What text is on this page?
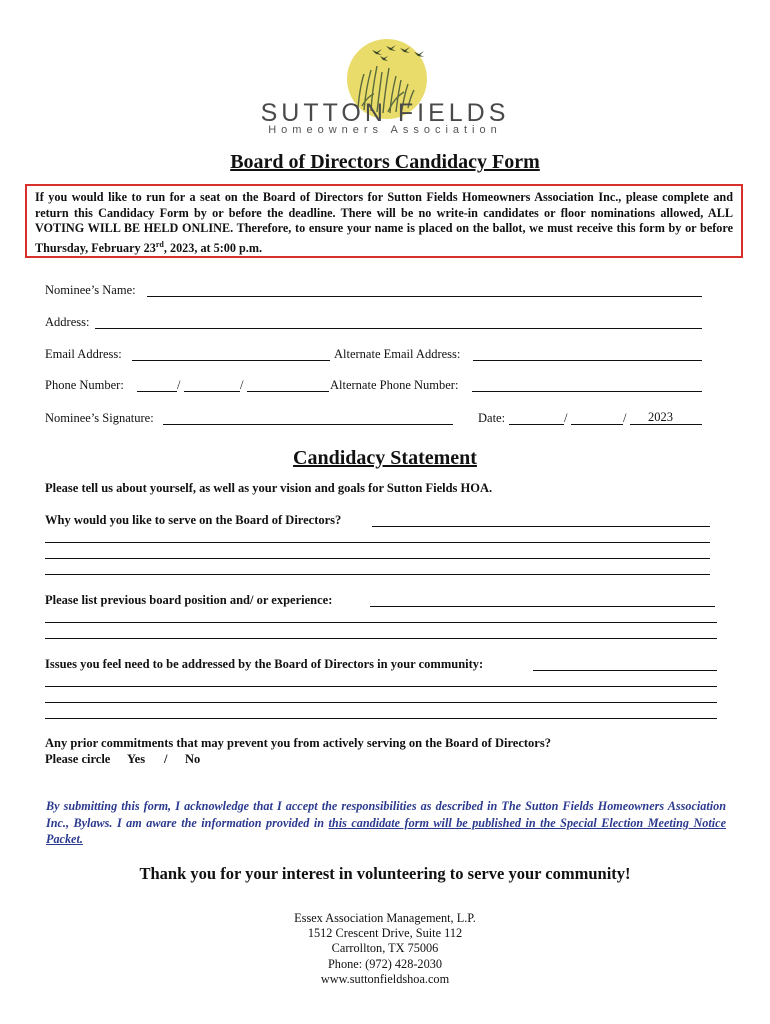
SUTTON FIELDS
Homeowners Association
Board of Directors Candidacy Form
If you would like to run for a seat on the Board of Directors for Sutton Fields Homeowners Association Inc., please complete and return this Candidacy Form by or before the deadline. There will be no write-in candidates or floor nominations allowed, ALL VOTING WILL BE HELD ONLINE. Therefore, to ensure your name is placed on the ballot, we must receive this form by or before Thursday, February 23rd, 2023, at 5:00 p.m.
Nominee’s Name:
Address:
Email Address:	Alternate Email Address:
Phone Number:	/	/	Alternate Phone Number:
Nominee’s Signature:	Date:	/	/ 2023
Candidacy Statement
Please tell us about yourself, as well as your vision and goals for Sutton Fields HOA.
Why would you like to serve on the Board of Directors?
Please list previous board position and/ or experience:
Issues you feel need to be addressed by the Board of Directors in your community:
Any prior commitments that may prevent you from actively serving on the Board of Directors?
Please circle Yes / No
By submitting this form, I acknowledge that I accept the responsibilities as described in The Sutton Fields Homeowners Association Inc., Bylaws. I am aware the information provided in this candidate form will be published in the Special Election Meeting Notice Packet.
Thank you for your interest in volunteering to serve your community!
Essex Association Management, L.P.
1512 Crescent Drive, Suite 112
Carrollton, TX 75006
Phone: (972) 428-2030
www.suttonfieldshoa.com
